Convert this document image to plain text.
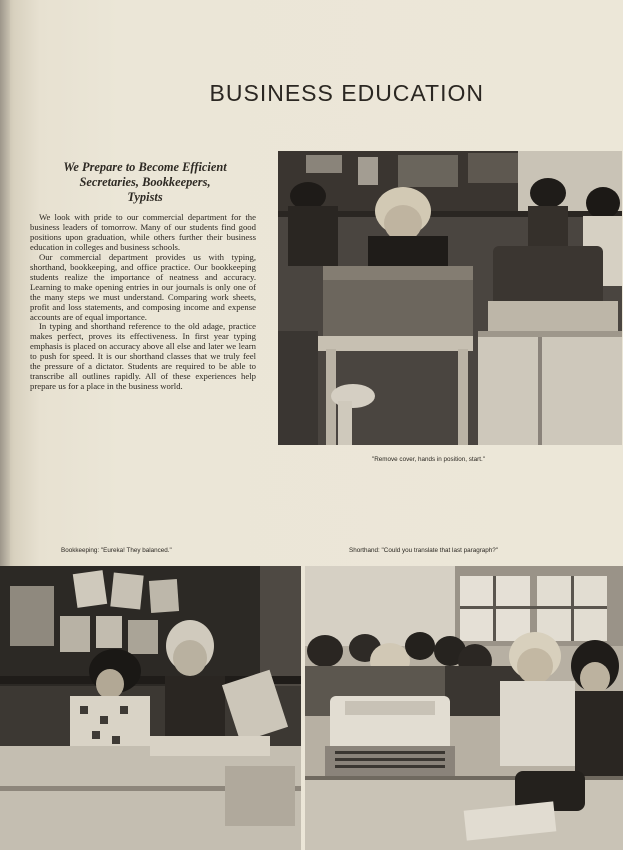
BUSINESS EDUCATION
We Prepare to Become Efficient
Secretaries, Bookkeepers,
Typists

We look with pride to our commercial department for the business leaders of tomorrow. Many of our students find good positions upon graduation, while others further their business education in colleges and business schools.

Our commercial department provides us with typing, shorthand, bookkeeping, and office practice. Our bookkeeping students realize the importance of neatness and accuracy. Learning to make opening entries in our journals is only one of the many steps we must understand. Comparing work sheets, profit and loss statements, and composing income and expense accounts are of equal importance.

In typing and shorthand reference to the old adage, practice makes perfect, proves its effectiveness. In first year typing emphasis is placed on accuracy above all else and later we learn to push for speed. It is our shorthand classes that we truly feel the pressure of a dictator. Students are required to be able to transcribe all outlines rapidly. All of these experiences help prepare us for a place in the business world.

"Remove cover, hands in position, start."
Bookkeeping: "Eureka! They balanced."	Shorthand: "Could you translate that last paragraph?"
